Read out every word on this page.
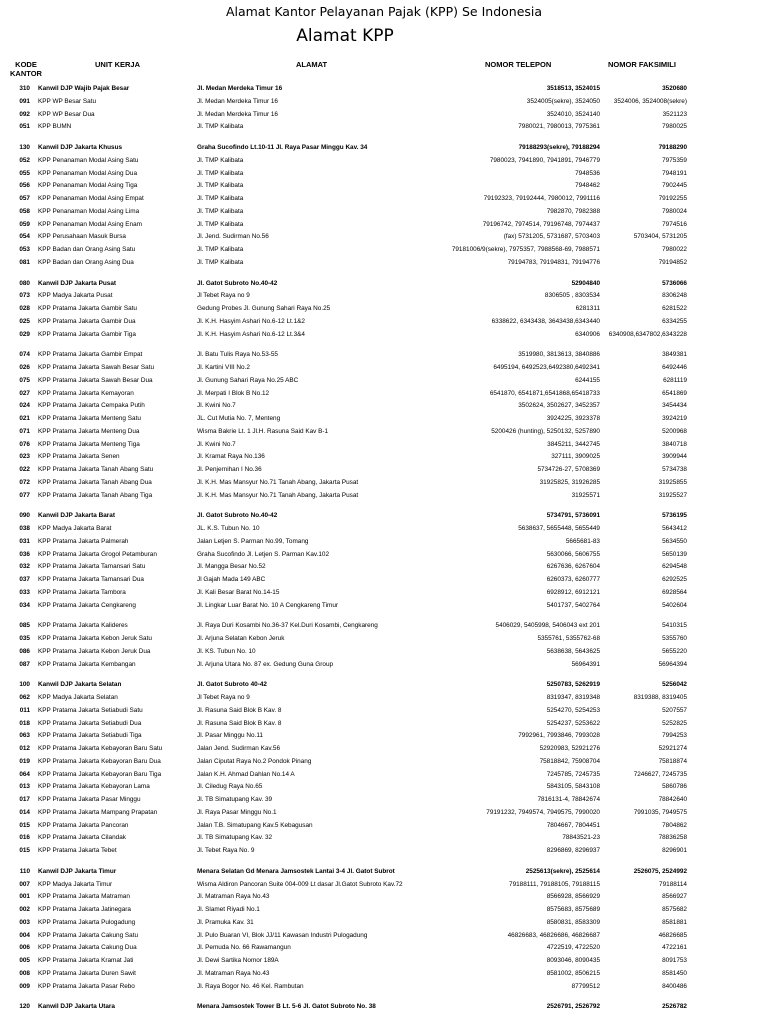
Alamat Kantor Pelayanan Pajak (KPP) Se Indonesia
Alamat KPP
KODE
KANTOR
UNIT KERJA	ALAMAT	NOMOR TELEPON	NOMOR FAKSIMILI
310 Kanwil DJP Wajib Pajak Besar	Jl. Medan Merdeka Timur 16	3518513, 3524015	3520680
091 KPP WP Besar Satu	Jl. Medan Merdeka Timur 16	3524005(sekre), 3524050	3524006, 3524008(sekre)
092 KPP WP Besar Dua	Jl. Medan Merdeka Timur 16	3524010, 3524140	3521123
051 KPP BUMN	Jl. TMP Kalibata	7980021, 7980013, 7975361	7980025
130 Kanwil DJP Jakarta Khusus	Graha Sucofindo Lt.10-11 Jl. Raya Pasar Minggu Kav. 34	79188293(sekre), 79188294	79188290
052 KPP Penanaman Modal Asing Satu	Jl. TMP Kalibata	7980023, 7941890, 7941891, 7946779	7975359
055 KPP Penanaman Modal Asing Dua	Jl. TMP Kalibata	7948536	7948191
056 KPP Penanaman Modal Asing Tiga	Jl. TMP Kalibata	7948462	7902445
057 KPP Penanaman Modal Asing Empat	Jl. TMP Kalibata	79192323, 79192444, 7980012, 7991116	79192255
058 KPP Penanaman Modal Asing Lima	Jl. TMP Kalibata	7982870, 7982388	7980024
059 KPP Penanaman Modal Asing Enam	Jl. TMP Kalibata	79196742, 7974514, 79196748, 7974437	7974516
054 KPP Perusahaan Masuk Bursa	Jl. Jend. Sudirman No.56	(fax) 5731205, 5731687, 5703403	5703404, 5731205
053 KPP Badan dan Orang Asing Satu	Jl. TMP Kalibata	79181006/9(sekre), 7975357, 7988568-69, 7988571	7980022
081 KPP Badan dan Orang Asing Dua	Jl. TMP Kalibata	79194783, 79194831, 79194776	79194852
080 Kanwil DJP Jakarta Pusat	Jl. Gatot Subroto No.40-42	52904840	5736066
073 KPP Madya Jakarta Pusat	Jl Tebet Raya no 9	8306505 , 8303534	8306248
028 KPP Pratama Jakarta Gambir Satu	Gedung Probes Jl. Gunung Sahari Raya No.25	6281311	6281522
025 KPP Pratama Jakarta Gambir Dua	Jl. K.H. Hasyim Ashari No.6-12 Lt.1&2	6338622, 6343438, 3643438,6343440	6334255
029 KPP Pratama Jakarta Gambir Tiga	Jl. K.H. Hasyim Ashari No.6-12 Lt.3&4	6340906	6340908,6347802,6343228
074 KPP Pratama Jakarta Gambir Empat	Jl. Batu Tulis Raya No.53-55	3519980, 3813613, 3840886	3849381
026 KPP Pratama Jakarta Sawah Besar Satu	Jl. Kartini VIII No.2	6495194, 6492523,6492380,6492341	6492446
075 KPP Pratama Jakarta Sawah Besar Dua	Jl. Gunung Sahari Raya No.25 ABC	6244155	6281119
027 KPP Pratama Jakarta Kemayoran	Jl. Merpati I Blok B No.12	6541870, 6541871,6541868,65418733	6541869
024 KPP Pratama Jakarta Cempaka Putih	Jl. Kwini No.7	3502624, 3502627, 3452357	3454434
021 KPP Pratama Jakarta Menteng Satu	JL. Cut Mutia No. 7, Menteng	3924225, 3923378	3924219
071 KPP Pratama Jakarta Menteng Dua	Wisma Bakrie Lt. 1 Jl.H. Rasuna Said Kav B-1	5200426 (hunting), 5250132, 5257890	5200968
076 KPP Pratama Jakarta Menteng Tiga	Jl. Kwini No.7	3845211, 3442745	3840718
023 KPP Pratama Jakarta Senen	Jl. Kramat Raya No.136	327111, 3909025	3909944
022 KPP Pratama Jakarta Tanah Abang Satu	Jl. Penjernihan I No.36	5734726-27, 5708369	5734738
072 KPP Pratama Jakarta Tanah Abang Dua	Jl. K.H. Mas Mansyur No.71 Tanah Abang, Jakarta Pusat	31925825, 31926285	31925855
077 KPP Pratama Jakarta Tanah Abang Tiga	Jl. K.H. Mas Mansyur No.71 Tanah Abang, Jakarta Pusat	31925571	31925527
090 Kanwil DJP Jakarta Barat	Jl. Gatot Subroto No.40-42	5734791, 5736091	5736195
038 KPP Madya Jakarta Barat	JL. K.S. Tubun No. 10	5638637, 5655448, 5655449	5643412
031 KPP Pratama Jakarta Palmerah	Jalan Letjen S. Parman No.99, Tomang	5665681-83	5634550
036 KPP Pratama Jakarta Grogol Petamburan	Graha Sucofindo Jl. Letjen S. Parman Kav.102	5630066, 5606755	5650139
032 KPP Pratama Jakarta Tamansari Satu	Jl. Mangga Besar No.52	6267636, 6267604	6294548
037 KPP Pratama Jakarta Tamansari Dua	Jl Gajah Mada 149 ABC	6260373, 6260777	6292525
033 KPP Pratama Jakarta Tambora	Jl. Kali Besar Barat No.14-15	6928912, 6912121	6928564
034 KPP Pratama Jakarta Cengkareng	Jl. Lingkar Luar Barat No. 10 A Cengkareng Timur	5401737, 5402764	5402604
085 KPP Pratama Jakarta Kalideres	Jl. Raya Duri Kosambi No.36-37 Kel.Duri Kosambi, Cengkareng	5406029, 5405998, 5406043 ext 201	5410315
035 KPP Pratama Jakarta Kebon Jeruk Satu	Jl. Arjuna Selatan Kebon Jeruk	5355761, 5355762-68	5355760
086 KPP Pratama Jakarta Kebon Jeruk Dua	Jl. KS. Tubun No. 10	5638638, 5643625	5655220
087 KPP Pratama Jakarta Kembangan	Jl. Arjuna Utara No. 87 ex. Gedung Guna Group	56964391	56964394
100 Kanwil DJP Jakarta Selatan	Jl. Gatot Subroto 40-42	5250783, 5262919	5256042
062 KPP Madya Jakarta Selatan	Jl Tebet Raya no 9	8319347, 8319348	8319388, 8319405
011 KPP Pratama Jakarta Setiabudi Satu	Jl. Rasuna Said Blok B Kav. 8	5254270, 5254253	5207557
018 KPP Pratama Jakarta Setiabudi Dua	Jl. Rasuna Said Blok B Kav. 8	5254237, 5253622	5252825
063 KPP Pratama Jakarta Setiabudi Tiga	Jl. Pasar Minggu No.11	7992961, 7993846, 7993028	7994253
012 KPP Pratama Jakarta Kebayoran Baru Satu	Jalan Jend. Sudirman Kav.56	52920983, 52921276	52921274
019 KPP Pratama Jakarta Kebayoran Baru Dua	Jalan Ciputat Raya No.2 Pondok Pinang	75818842, 75908704	75818874
064 KPP Pratama Jakarta Kebayoran Baru Tiga	Jalan K.H. Ahmad Dahlan No.14 A	7245785, 7245735	7246627, 7245735
013 KPP Pratama Jakarta Kebayoran Lama	Jl. Ciledug Raya No.65	5843105, 5843108	5860786
017 KPP Pratama Jakarta Pasar Minggu	Jl. TB Simatupang Kav. 39	7816131-4, 78842674	78842640
014 KPP Pratama Jakarta Mampang Prapatan	Jl. Raya Pasar Minggu No.1	79191232, 7949574, 7949575, 7990020	7991035, 7949575
015 KPP Pratama Jakarta Pancoran	Jalan T.B. Simatupang Kav.5 Kebagusan	7804667, 7804451	7804862
016 KPP Pratama Jakarta Cilandak	Jl. TB Simatupang Kav. 32	78843521-23	78836258
015 KPP Pratama Jakarta Tebet	Jl. Tebet Raya No. 9	8296869, 8296937	8296901
110 Kanwil DJP Jakarta Timur	Menara Selatan Gd Menara Jamsostek Lantai 3-4 Jl. Gatot Subrot	2525613(sekre), 2525614	2526075, 2524992
007 KPP Madya Jakarta Timur	Wisma Aldiron Pancoran Suite 004-009 Lt dasar Jl.Gatot Subroto Kav.72	79188111, 79188105, 79188115	79188114
001 KPP Pratama Jakarta Matraman	Jl. Matraman Raya No.43	8566928, 8566929	8566927
002 KPP Pratama Jakarta Jatinegara	Jl. Slamet Riyadi No.1	8575683, 8575689	8575682
003 KPP Pratama Jakarta Pulogadung	Jl. Pramuka Kav. 31	8580831, 8583309	8581881
004 KPP Pratama Jakarta Cakung Satu	Jl. Pulo Buaran VI, Blok JJ/11 Kawasan Industri Pulogadung	46826683, 46826686, 46826687	46826685
006 KPP Pratama Jakarta Cakung Dua	Jl. Pemuda No. 66 Rawamangun	4722519, 4722520	4722161
005 KPP Pratama Jakarta Kramat Jati	Jl. Dewi Sartika Nomor 189A	8093046, 8090435	8091753
008 KPP Pratama Jakarta Duren Sawit	Jl. Matraman Raya No.43	8581002, 8506215	8581450
009 KPP Pratama Jakarta Pasar Rebo	Jl. Raya Bogor No. 46 Kel. Rambutan	87799512	8400486
120 Kanwil DJP Jakarta Utara	Menara Jamsostek Tower B Lt. 5-6 Jl. Gatot Subroto No. 38	2526791, 2526792	2526782
